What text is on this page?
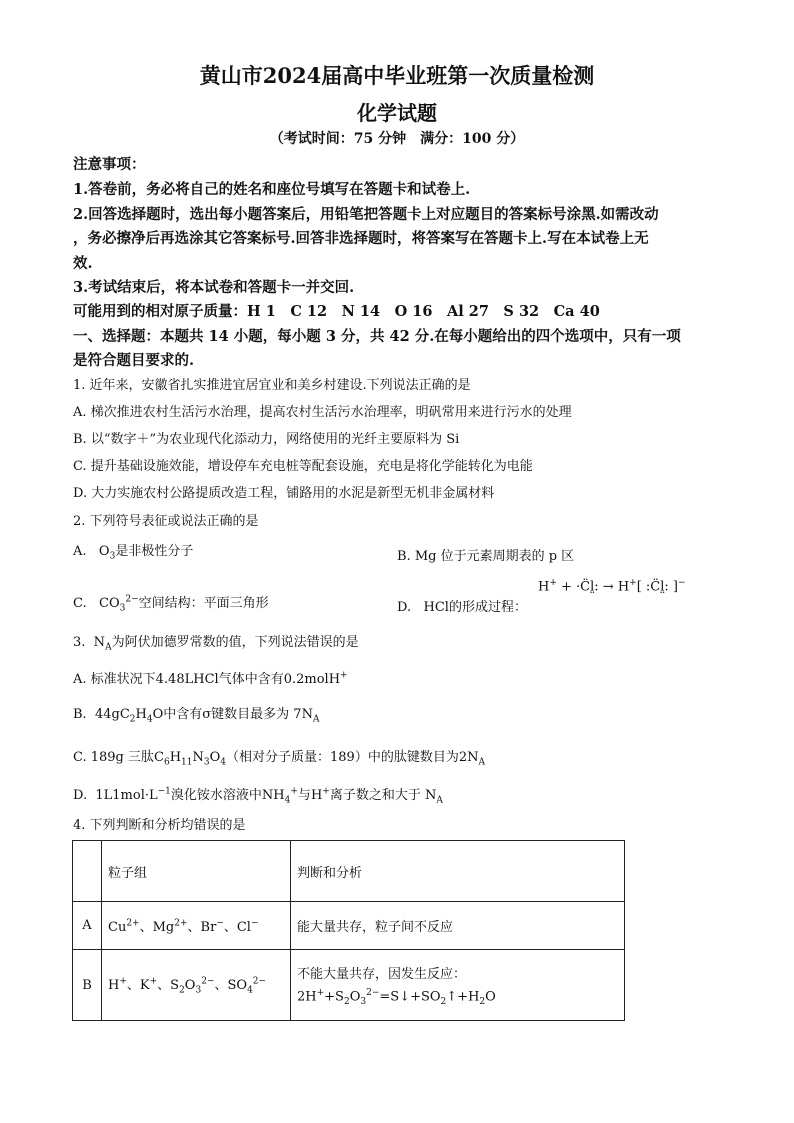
黄山市2024届高中毕业班第一次质量检测
化学试题
（考试时间：75 分钟　满分：100 分）
注意事项：
1.答卷前，务必将自己的姓名和座位号填写在答题卡和试卷上.
2.回答选择题时，选出每小题答案后，用铅笔把答题卡上对应题目的答案标号涂黑.如需改动
，务必擦净后再选涂其它答案标号.回答非选择题时，将答案写在答题卡上.写在本试卷上无
效.
3.考试结束后，将本试卷和答题卡一并交回.
可能用到的相对原子质量：H 1　C 12　N 14　O 16　Al 27　S 32　Ca 40
一、选择题：本题共 14 小题，每小题 3 分，共 42 分.在每小题给出的四个选项中，只有一项
是符合题目要求的.
1. 近年来，安徽省扎实推进宜居宜业和美乡村建设.下列说法正确的是
A. 梯次推进农村生活污水治理，提高农村生活污水治理率，明矾常用来进行污水的处理
B. 以“数字＋”为农业现代化添动力，网络使用的光纤主要原料为 Si
C. 提升基础设施效能，增设停车充电桩等配套设施，充电是将化学能转化为电能
D. 大力实施农村公路提质改造工程，铺路用的水泥是新型无机非金属材料
2. 下列符号表征或说法正确的是
A.   $O_3$是非极性分子	B. Mg 位于元素周期表的 p 区
C.   $CO_3^{2-}$空间结构：平面三角形	D.   HCl的形成过程：
H+ + ·C̈l̤: → H+[ :C̈l̤: ]−
3.  $N_A$为阿伏加德罗常数的值，下列说法错误的是
A. 标准状况下4.48LHCl气体中含有0.2molH+
B.  $44gC_2H_4O$中含有σ键数目最多为 $7N_A$
C. 189g 三肽$C_6H_{11}N_3O_4$（相对分子质量：189）中的肽键数目为$2N_A$
D.  $1L1mol\cdot L^{-1}$溴化铵水溶液中$NH_4^+$与H+离子数之和大于 $N_A$
4. 下列判断和分析均错误的是
	粒子组	判断和分析
A	$Cu^{2+}$、$Mg^{2+}$、Br−、Cl−	能大量共存，粒子间不反应
B	H+、K+、$S_2O_3^{2-}$、$SO_4^{2-}$	不能大量共存，因发生反应：
$2H^++S_2O_3^{2-}=S↓+SO_2↑+H_2O$
